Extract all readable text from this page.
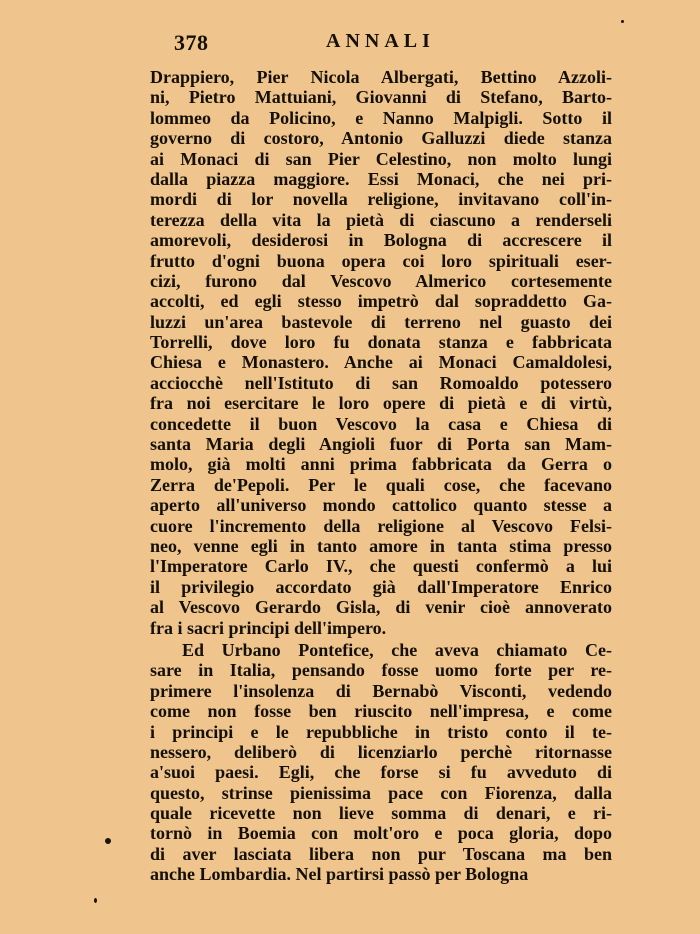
378	ANNALI
Drappiero, Pier Nicola Albergati, Bettino Azzoli-
ni, Pietro Mattuiani, Giovanni di Stefano, Barto-
lommeo da Policino, e Nanno Malpigli. Sotto il
governo di costoro, Antonio Galluzzi diede stanza
ai Monaci di san Pier Celestino, non molto lungi
dalla piazza maggiore. Essi Monaci, che nei pri-
mordi di lor novella religione, invitavano coll'in-
terezza della vita la pietà di ciascuno a renderseli
amorevoli, desiderosi in Bologna di accrescere il
frutto d'ogni buona opera coi loro spirituali eser-
cizi, furono dal Vescovo Almerico cortesemente
accolti, ed egli stesso impetrò dal sopraddetto Ga-
luzzi un'area bastevole di terreno nel guasto dei
Torrelli, dove loro fu donata stanza e fabbricata
Chiesa e Monastero. Anche ai Monaci Camaldolesi,
acciocchè nell'Istituto di san Romoaldo potessero
fra noi esercitare le loro opere di pietà e di virtù,
concedette il buon Vescovo la casa e Chiesa di
santa Maria degli Angioli fuor di Porta san Mam-
molo, già molti anni prima fabbricata da Gerra o
Zerra de'Pepoli. Per le quali cose, che facevano
aperto all'universo mondo cattolico quanto stesse a
cuore l'incremento della religione al Vescovo Felsi-
neo, venne egli in tanto amore in tanta stima presso
l'Imperatore Carlo IV., che questi confermò a lui
il privilegio accordato già dall'Imperatore Enrico
al Vescovo Gerardo Gisla, di venir cioè annoverato
fra i sacri principi dell'impero.
Ed Urbano Pontefice, che aveva chiamato Ce-
sare in Italia, pensando fosse uomo forte per re-
primere l'insolenza di Bernabò Visconti, vedendo
come non fosse ben riuscito nell'impresa, e come
i principi e le repubbliche in tristo conto il te-
nessero, deliberò di licenziarlo perchè ritornasse
a'suoi paesi. Egli, che forse si fu avveduto di
questo, strinse pienissima pace con Fiorenza, dalla
quale ricevette non lieve somma di denari, e ri-
tornò in Boemia con molt'oro e poca gloria, dopo
di aver lasciata libera non pur Toscana ma ben
anche Lombardia. Nel partirsi passò per Bologna
